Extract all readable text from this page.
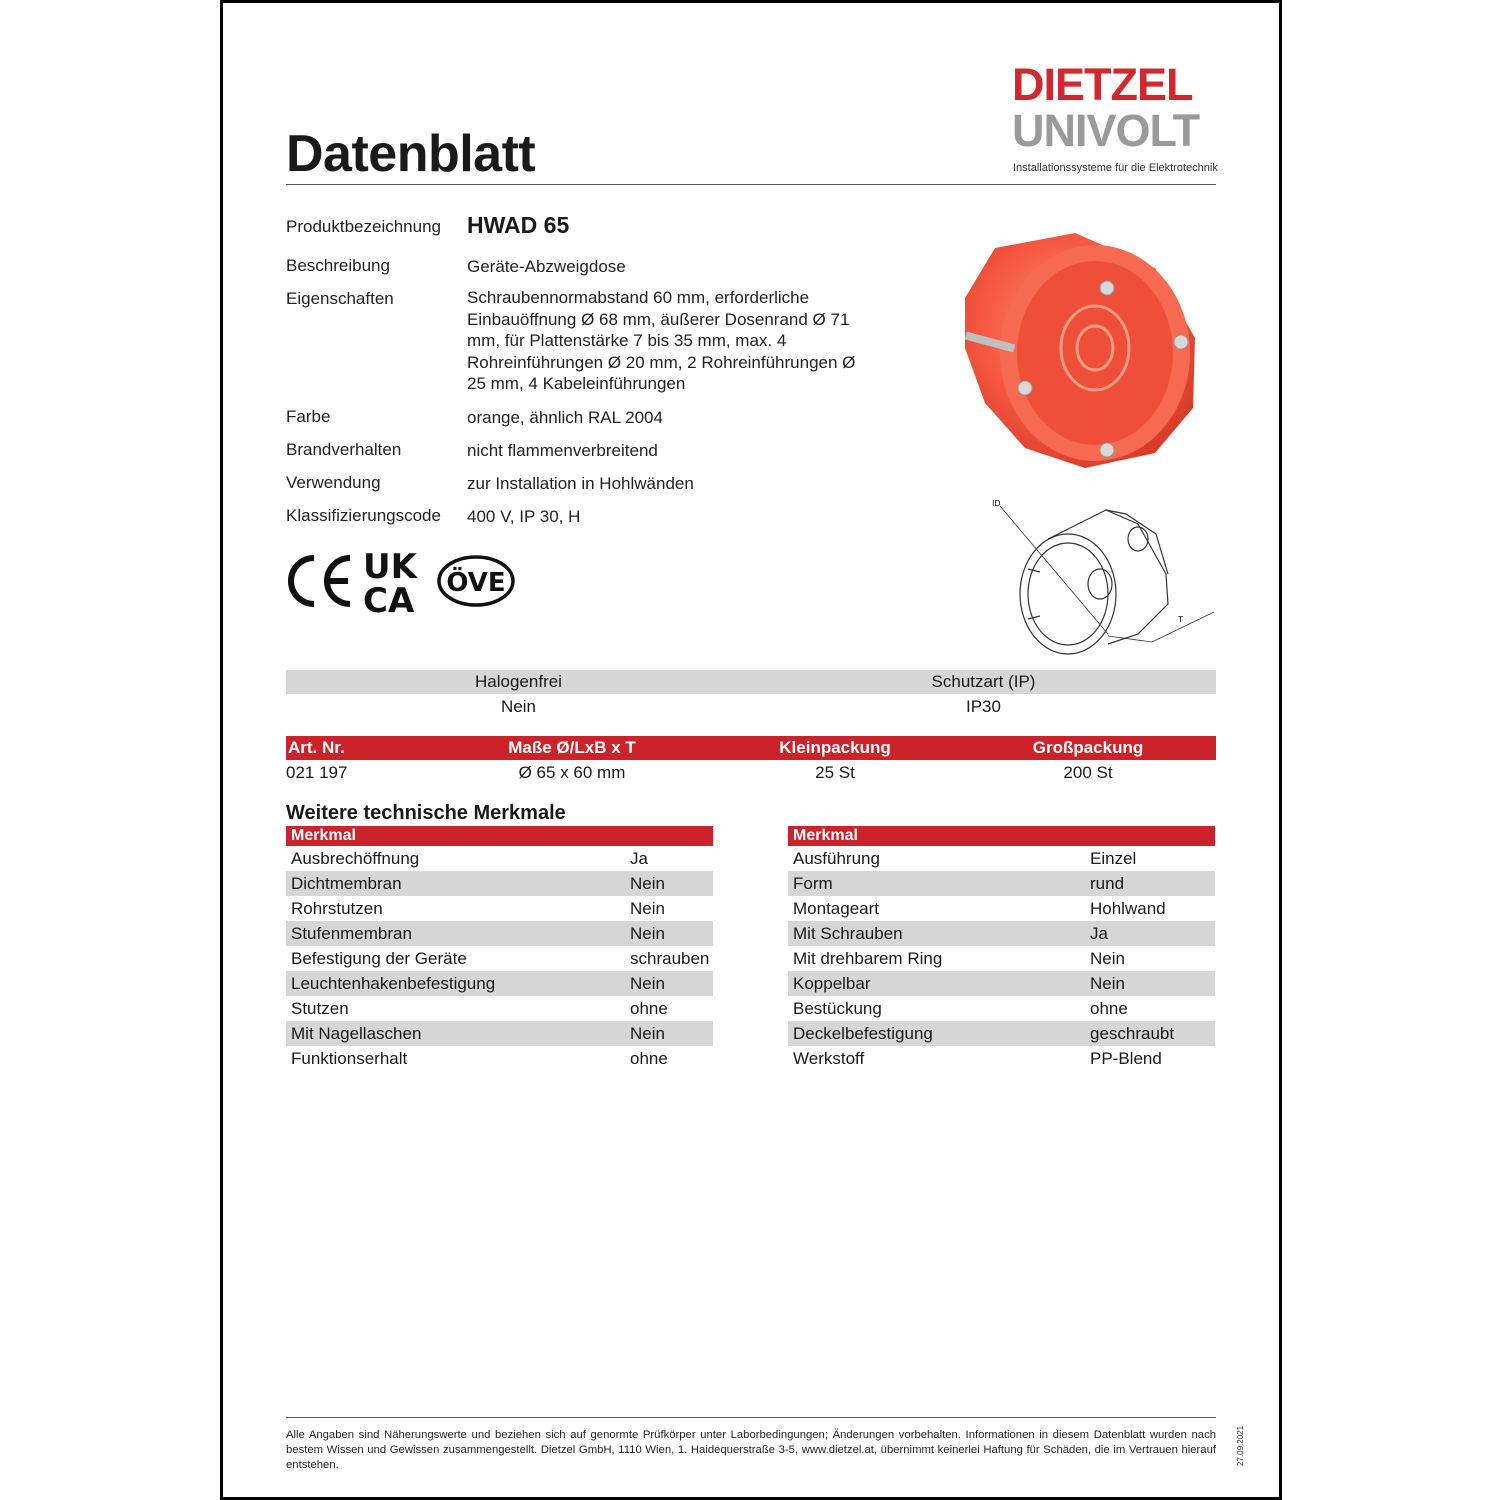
Datenblatt
DIETZEL
UNIVOLT
Installationssysteme für die Elektrotechnik
Produktbezeichnung HWAD 65
Beschreibung	Geräte-Abzweigdose
Eigenschaften	Schraubennormabstand 60 mm, erforderliche Einbauöffnung Ø 68 mm, äußerer Dosenrand Ø 71 mm, für Plattenstärke 7 bis 35 mm, max. 4 Rohreinführungen Ø 20 mm, 2 Rohreinführungen Ø 25 mm, 4 Kabeleinführungen
Farbe	orange, ähnlich RAL 2004
Brandverhalten	nicht flammenverbreitend
Verwendung	zur Installation in Hohlwänden
Klassifizierungscode 400 V, IP 30, H
UK
CA ÖVE
ID
T
Halogenfrei	Schutzart (IP)
Nein	IP30
Art. Nr.	Maße Ø/LxB x T	Kleinpackung	Großpackung
021 197	Ø 65 x 60 mm	25 St	200 St
Weitere technische Merkmale
Merkmal
Ausbrechöffnung	Ja
Dichtmembran	Nein
Rohrstutzen	Nein
Stufenmembran	Nein
Befestigung der Geräte	schrauben
Leuchtenhakenbefestigung	Nein
Stutzen	ohne
Mit Nagellaschen	Nein
Funktionserhalt	ohne
Merkmal
Ausführung	Einzel
Form	rund
Montageart	Hohlwand
Mit Schrauben	Ja
Mit drehbarem Ring	Nein
Koppelbar	Nein
Bestückung	ohne
Deckelbefestigung	geschraubt
Werkstoff	PP-Blend
Alle Angaben sind Näherungswerte und beziehen sich auf genormte Prüfkörper unter Laborbedingungen; Änderungen vorbehalten. Informationen in diesem Datenblatt wurden nach bestem Wissen und Gewissen zusammengestellt. Dietzel GmbH, 1110 Wien, 1. Haidequerstraße 3-5, www.dietzel.at, übernimmt keinerlei Haftung für Schäden, die im Vertrauen hierauf entstehen.	27.09.2021
